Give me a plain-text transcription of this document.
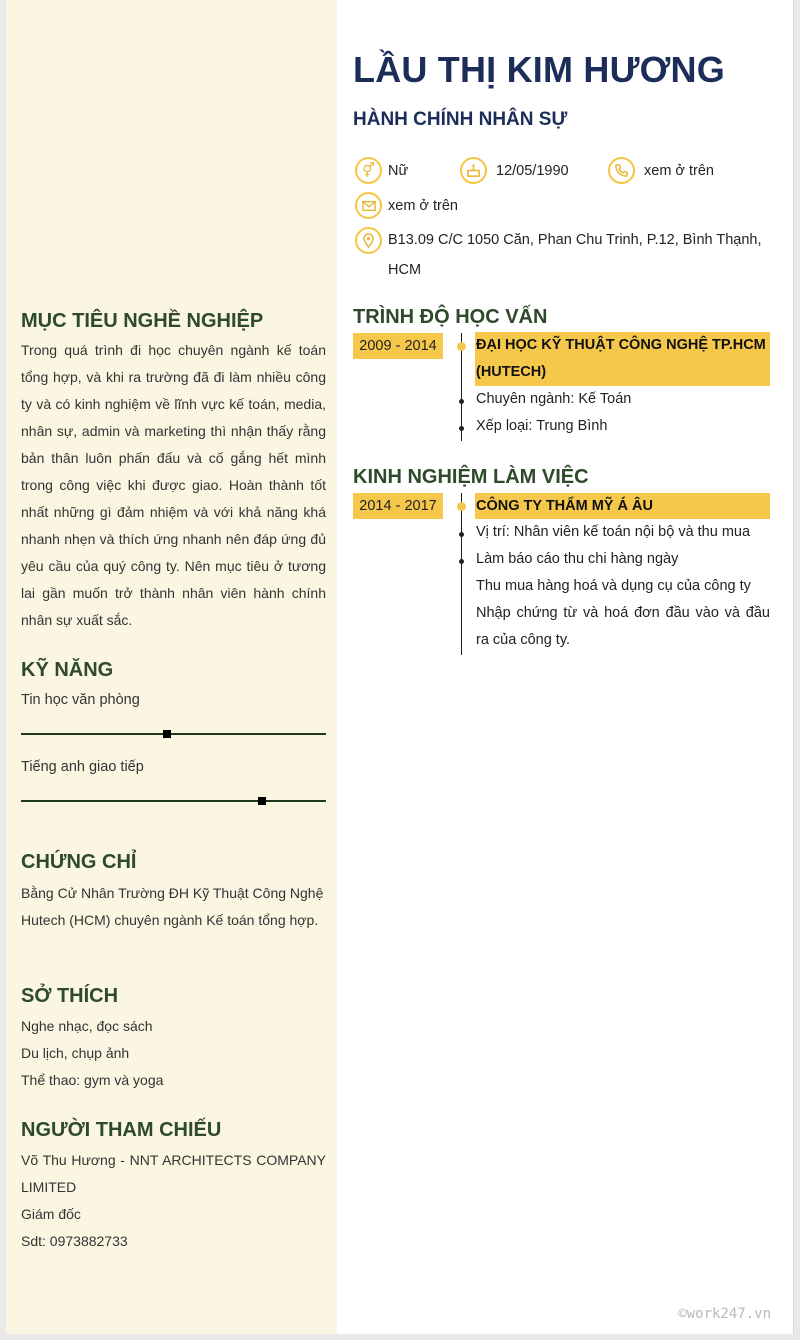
MỤC TIÊU NGHỀ NGHIỆP
Trong quá trình đi học chuyên ngành kế toán tổng hợp, và khi ra trường đã đi làm nhiều công ty và có kinh nghiệm về lĩnh vực kế toán, media, nhân sự, admin và marketing thì nhận thấy rằng bản thân luôn phấn đấu và cố gắng hết mình trong công việc khi được giao. Hoàn thành tốt nhất những gì đảm nhiệm và với khả năng khá nhanh nhẹn và thích ứng nhanh nên đáp ứng đủ yêu cầu của quý công ty. Nên mục tiêu ở tương lai gần muốn trở thành nhân viên hành chính nhân sự xuất sắc.
KỸ NĂNG
Tin học văn phòng
Tiếng anh giao tiếp
CHỨNG CHỈ
Bằng Cử Nhân Trường ĐH Kỹ Thuật Công Nghệ Hutech (HCM) chuyên ngành Kế toán tổng hợp.
SỞ THÍCH
Nghe nhạc, đọc sách
Du lịch, chụp ảnh
Thể thao: gym và yoga
NGƯỜI THAM CHIẾU
Võ Thu Hương - NNT ARCHITECTS COMPANY LIMITED
Giám đốc
Sdt: 0973882733
LẦU THỊ KIM HƯƠNG
HÀNH CHÍNH NHÂN SỰ
⚥ Nữ	12/05/1990	xem ở trên
xem ở trên
B13.09 C/C 1050 Căn, Phan Chu Trinh, P.12, Bình Thạnh,
HCM
TRÌNH ĐỘ HỌC VẤN
2009 - 2014	ĐẠI HỌC KỸ THUẬT CÔNG NGHỆ TP.HCM
(HUTECH)
Chuyên ngành: Kế Toán
Xếp loại: Trung Bình
KINH NGHIỆM LÀM VIỆC
2014 - 2017	CÔNG TY THẨM MỸ Á ÂU
Vị trí: Nhân viên kế toán nội bộ và thu mua
Làm báo cáo thu chi hàng ngày
Thu mua hàng hoá và dụng cụ của công ty
Nhập chứng từ và hoá đơn đầu vào và đầu
ra của công ty.
©work247.vn
